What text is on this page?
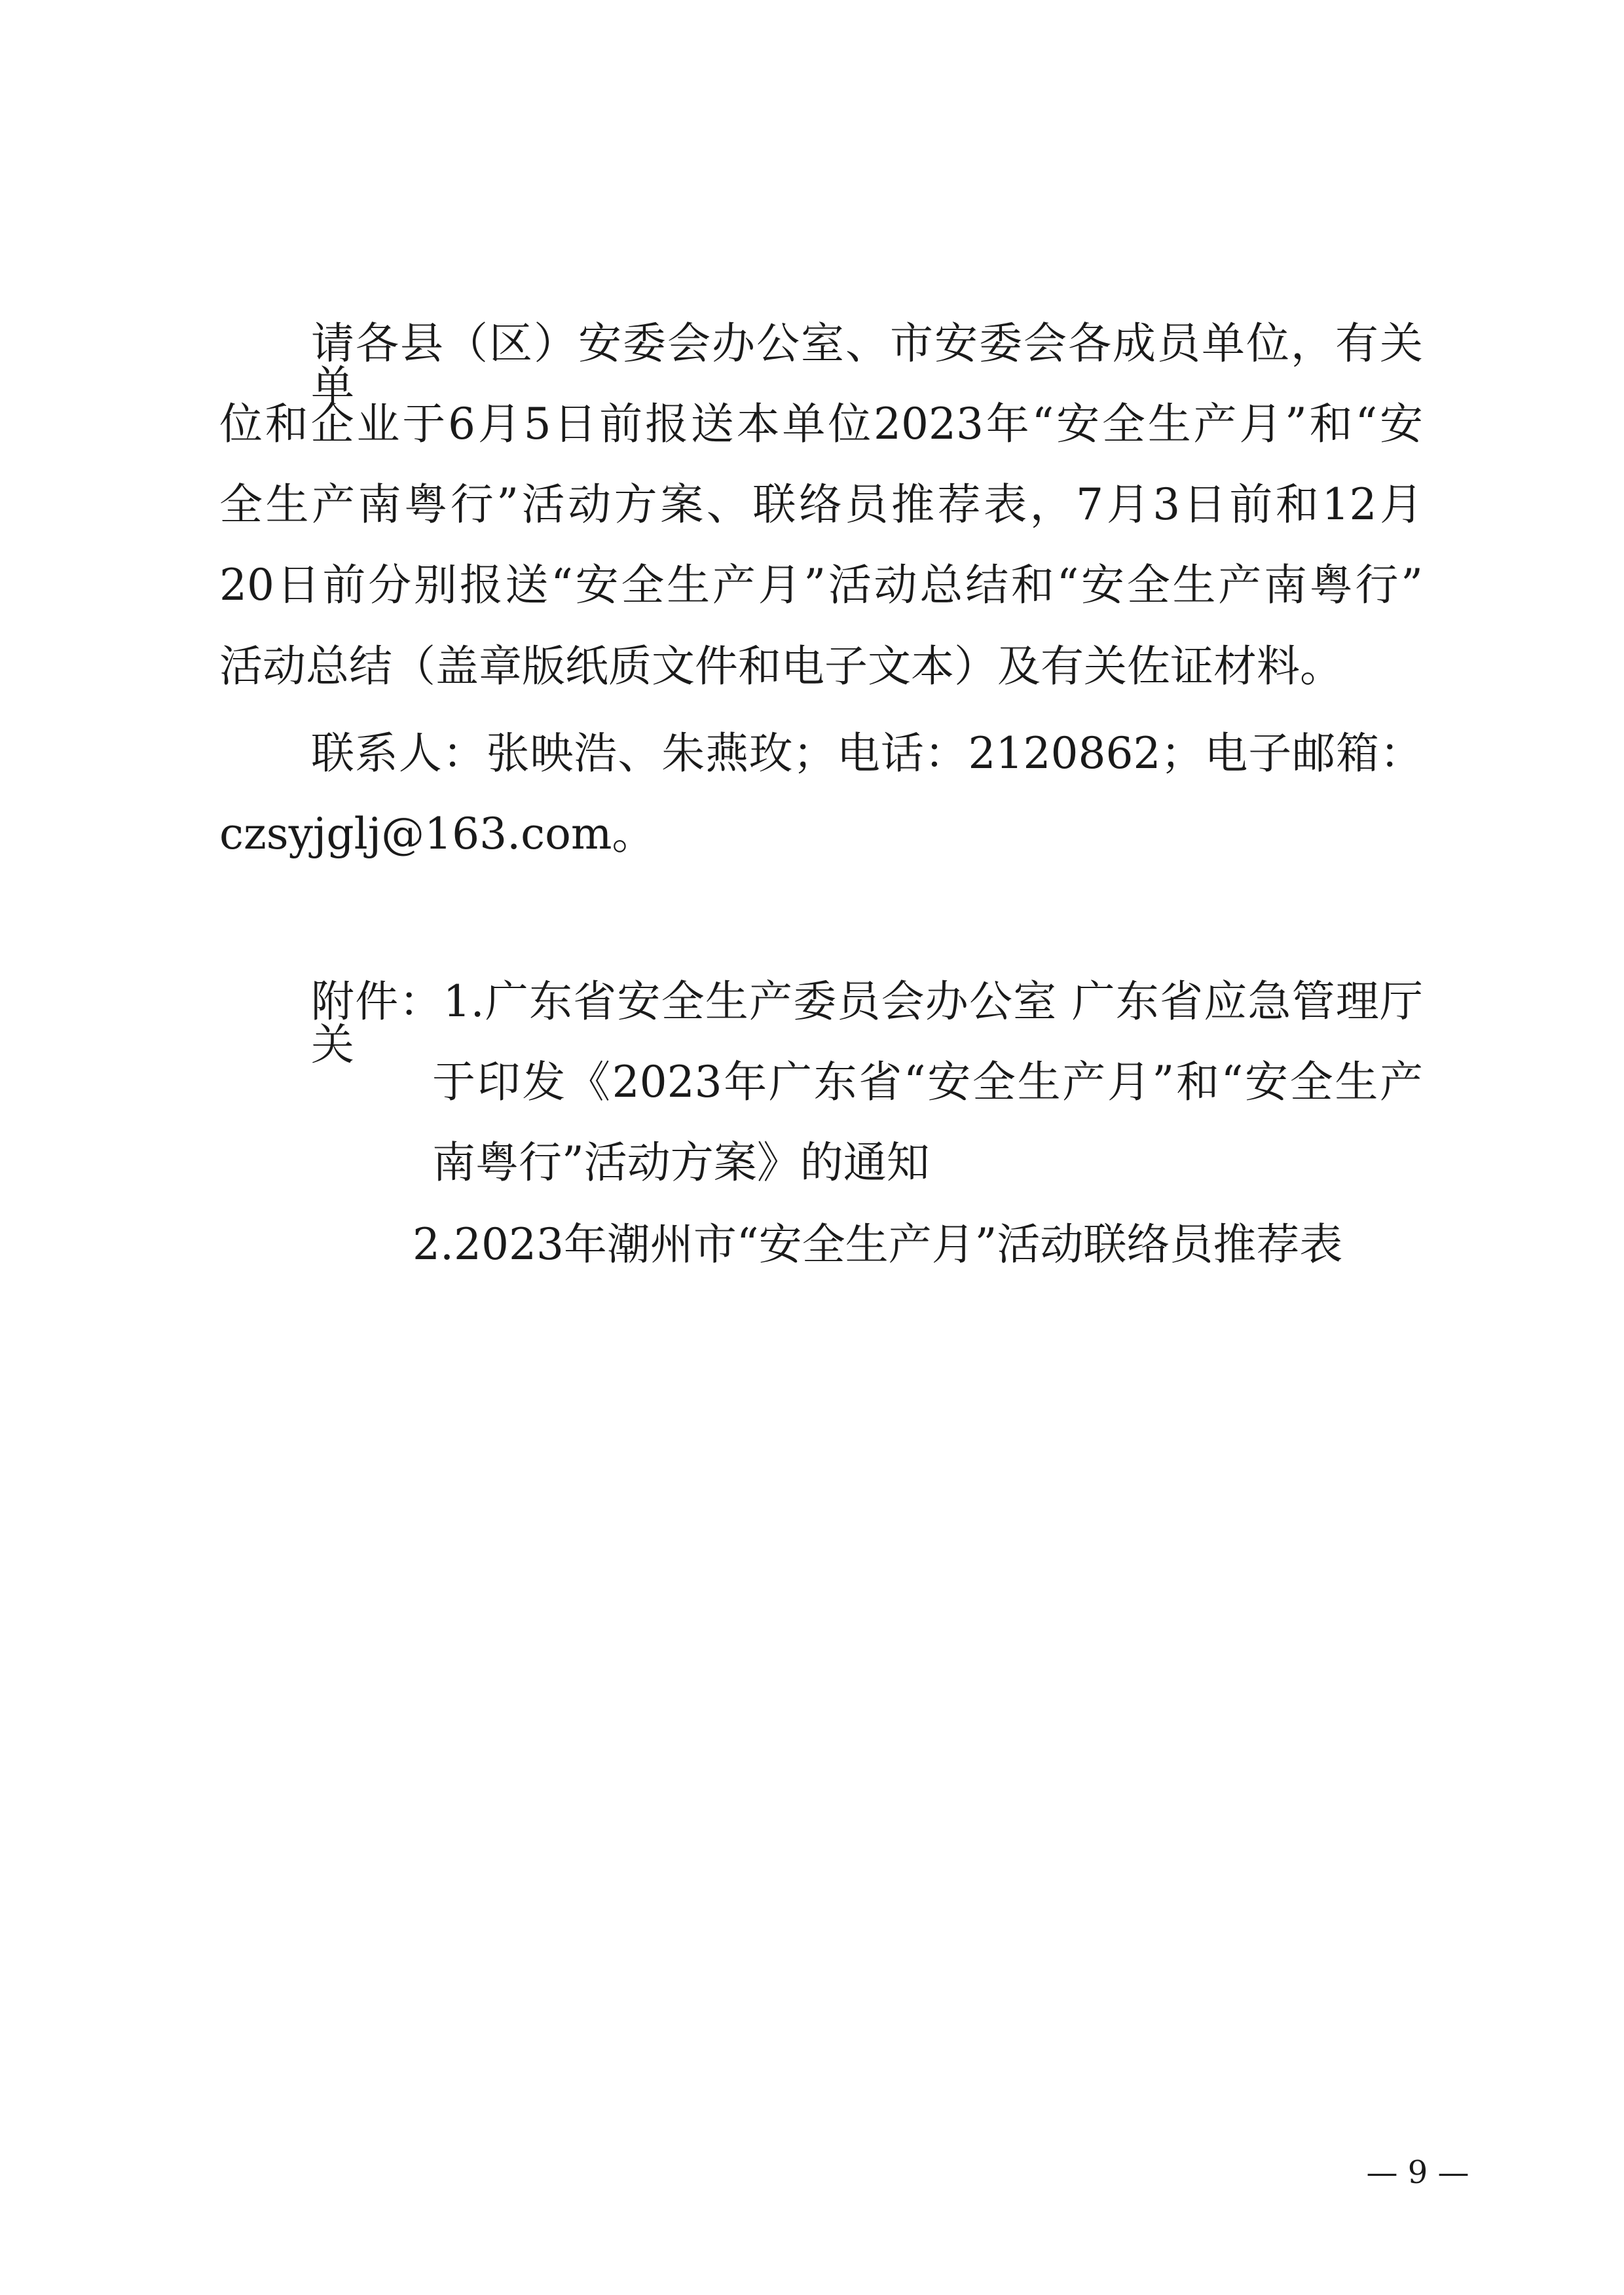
请各县（区）安委会办公室、市安委会各成员单位，有关单
位和企业于6月5日前报送本单位2023年“安全生产月”和“安
全生产南粤行”活动方案、联络员推荐表，7月3日前和12月
20日前分别报送“安全生产月”活动总结和“安全生产南粤行”
活动总结（盖章版纸质文件和电子文本）及有关佐证材料。
联系人：张映浩、朱燕玫；电话：2120862；电子邮箱：
czsyjglj@163.com。
附件：1.广东省安全生产委员会办公室 广东省应急管理厅关
于印发《2023年广东省“安全生产月”和“安全生产
南粤行”活动方案》的通知
2.2023年潮州市“安全生产月”活动联络员推荐表
— 9 —
